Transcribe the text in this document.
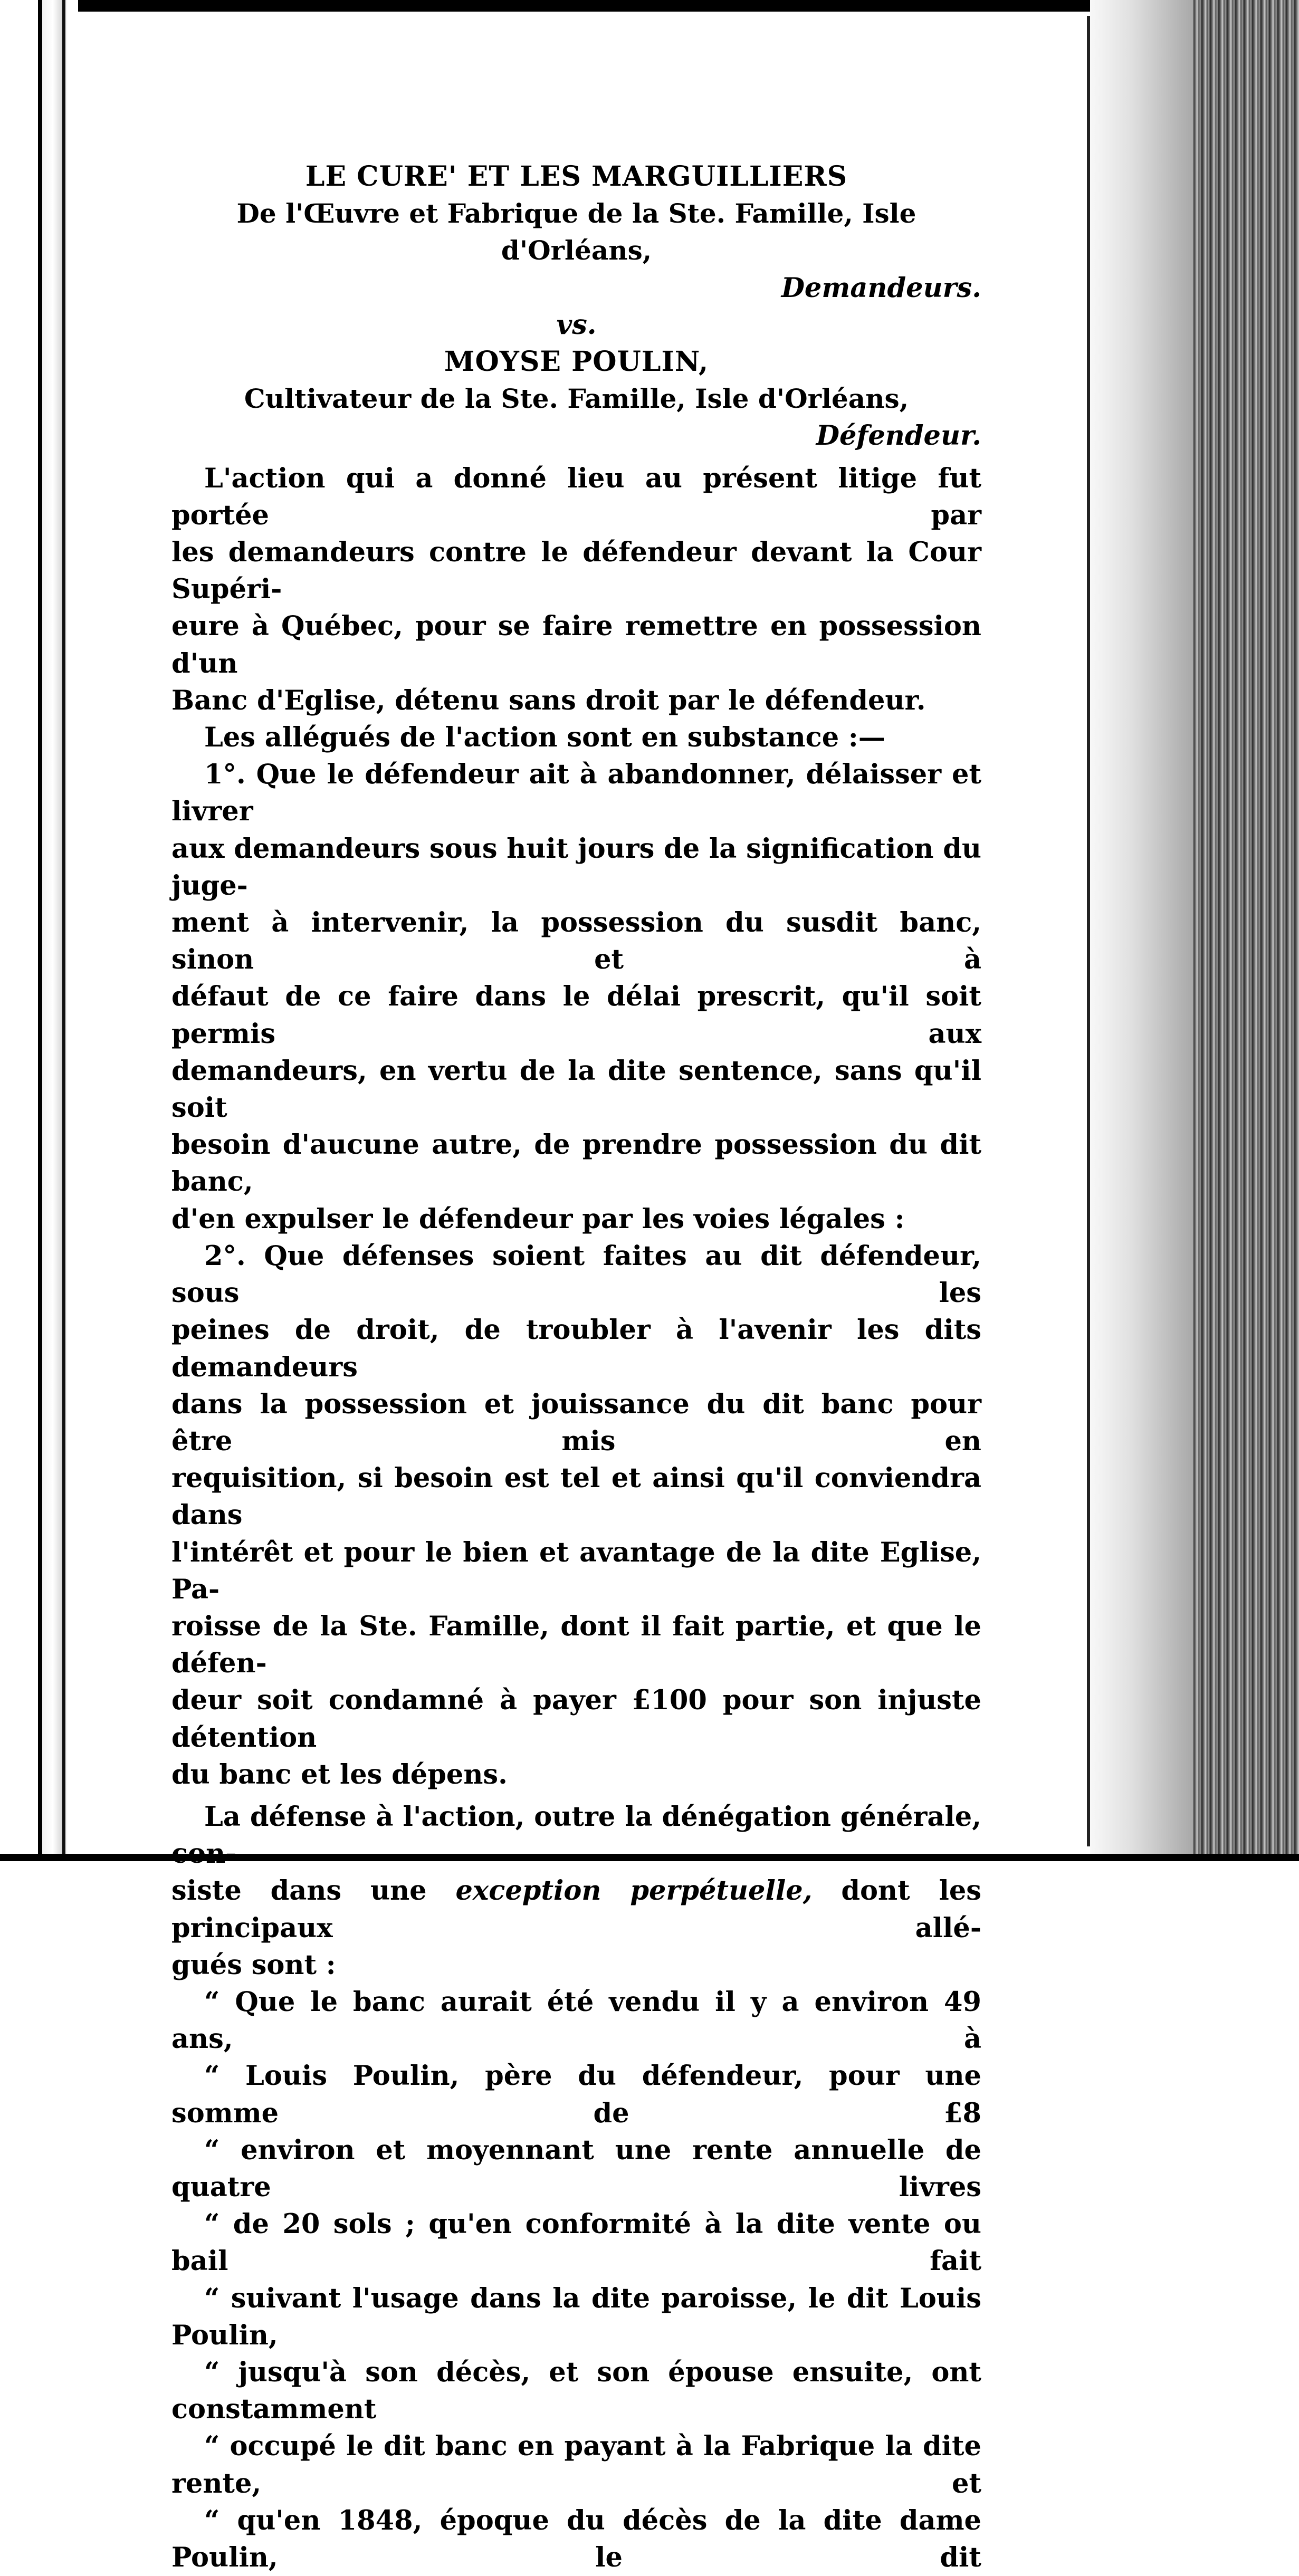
LE CURE' ET LES MARGUILLIERS
De l'Œuvre et Fabrique de la Ste. Famille, Isle d'Orléans,
Demandeurs.
vs.
MOYSE POULIN,
Cultivateur de la Ste. Famille, Isle d'Orléans,
Défendeur.

L'action qui a donné lieu au présent litige fut portée par

les demandeurs contre le défendeur devant la Cour Supéri-

eure à Québec, pour se faire remettre en possession d'un

Banc d'Eglise, détenu sans droit par le défendeur.

Les allégués de l'action sont en substance :—

1°. Que le défendeur ait à abandonner, délaisser et livrer

aux demandeurs sous huit jours de la signification du juge-

ment à intervenir, la possession du susdit banc, sinon et à

défaut de ce faire dans le délai prescrit, qu'il soit permis aux

demandeurs, en vertu de la dite sentence, sans qu'il soit

besoin d'aucune autre, de prendre possession du dit banc,

d'en expulser le défendeur par les voies légales :

2°. Que défenses soient faites au dit défendeur, sous les

peines de droit, de troubler à l'avenir les dits demandeurs

dans la possession et jouissance du dit banc pour être mis en

requisition, si besoin est tel et ainsi qu'il conviendra dans

l'intérêt et pour le bien et avantage de la dite Eglise, Pa-

roisse de la Ste. Famille, dont il fait partie, et que le défen-

deur soit condamné à payer £100 pour son injuste détention

du banc et les dépens.

La défense à l'action, outre la dénégation générale, con-

siste dans une exception perpétuelle, dont les principaux allé-

gués sont :

“ Que le banc aurait été vendu il y a environ 49 ans, à

“ Louis Poulin, père du défendeur, pour une somme de £8

“ environ et moyennant une rente annuelle de quatre livres

“ de 20 sols ; qu'en conformité à la dite vente ou bail fait

“ suivant l'usage dans la dite paroisse, le dit Louis Poulin,

“ jusqu'à son décès, et son épouse ensuite, ont constamment

“ occupé le dit banc en payant à la Fabrique la dite rente, et

“ qu'en 1848, époque du décès de la dite dame Poulin, le dit
